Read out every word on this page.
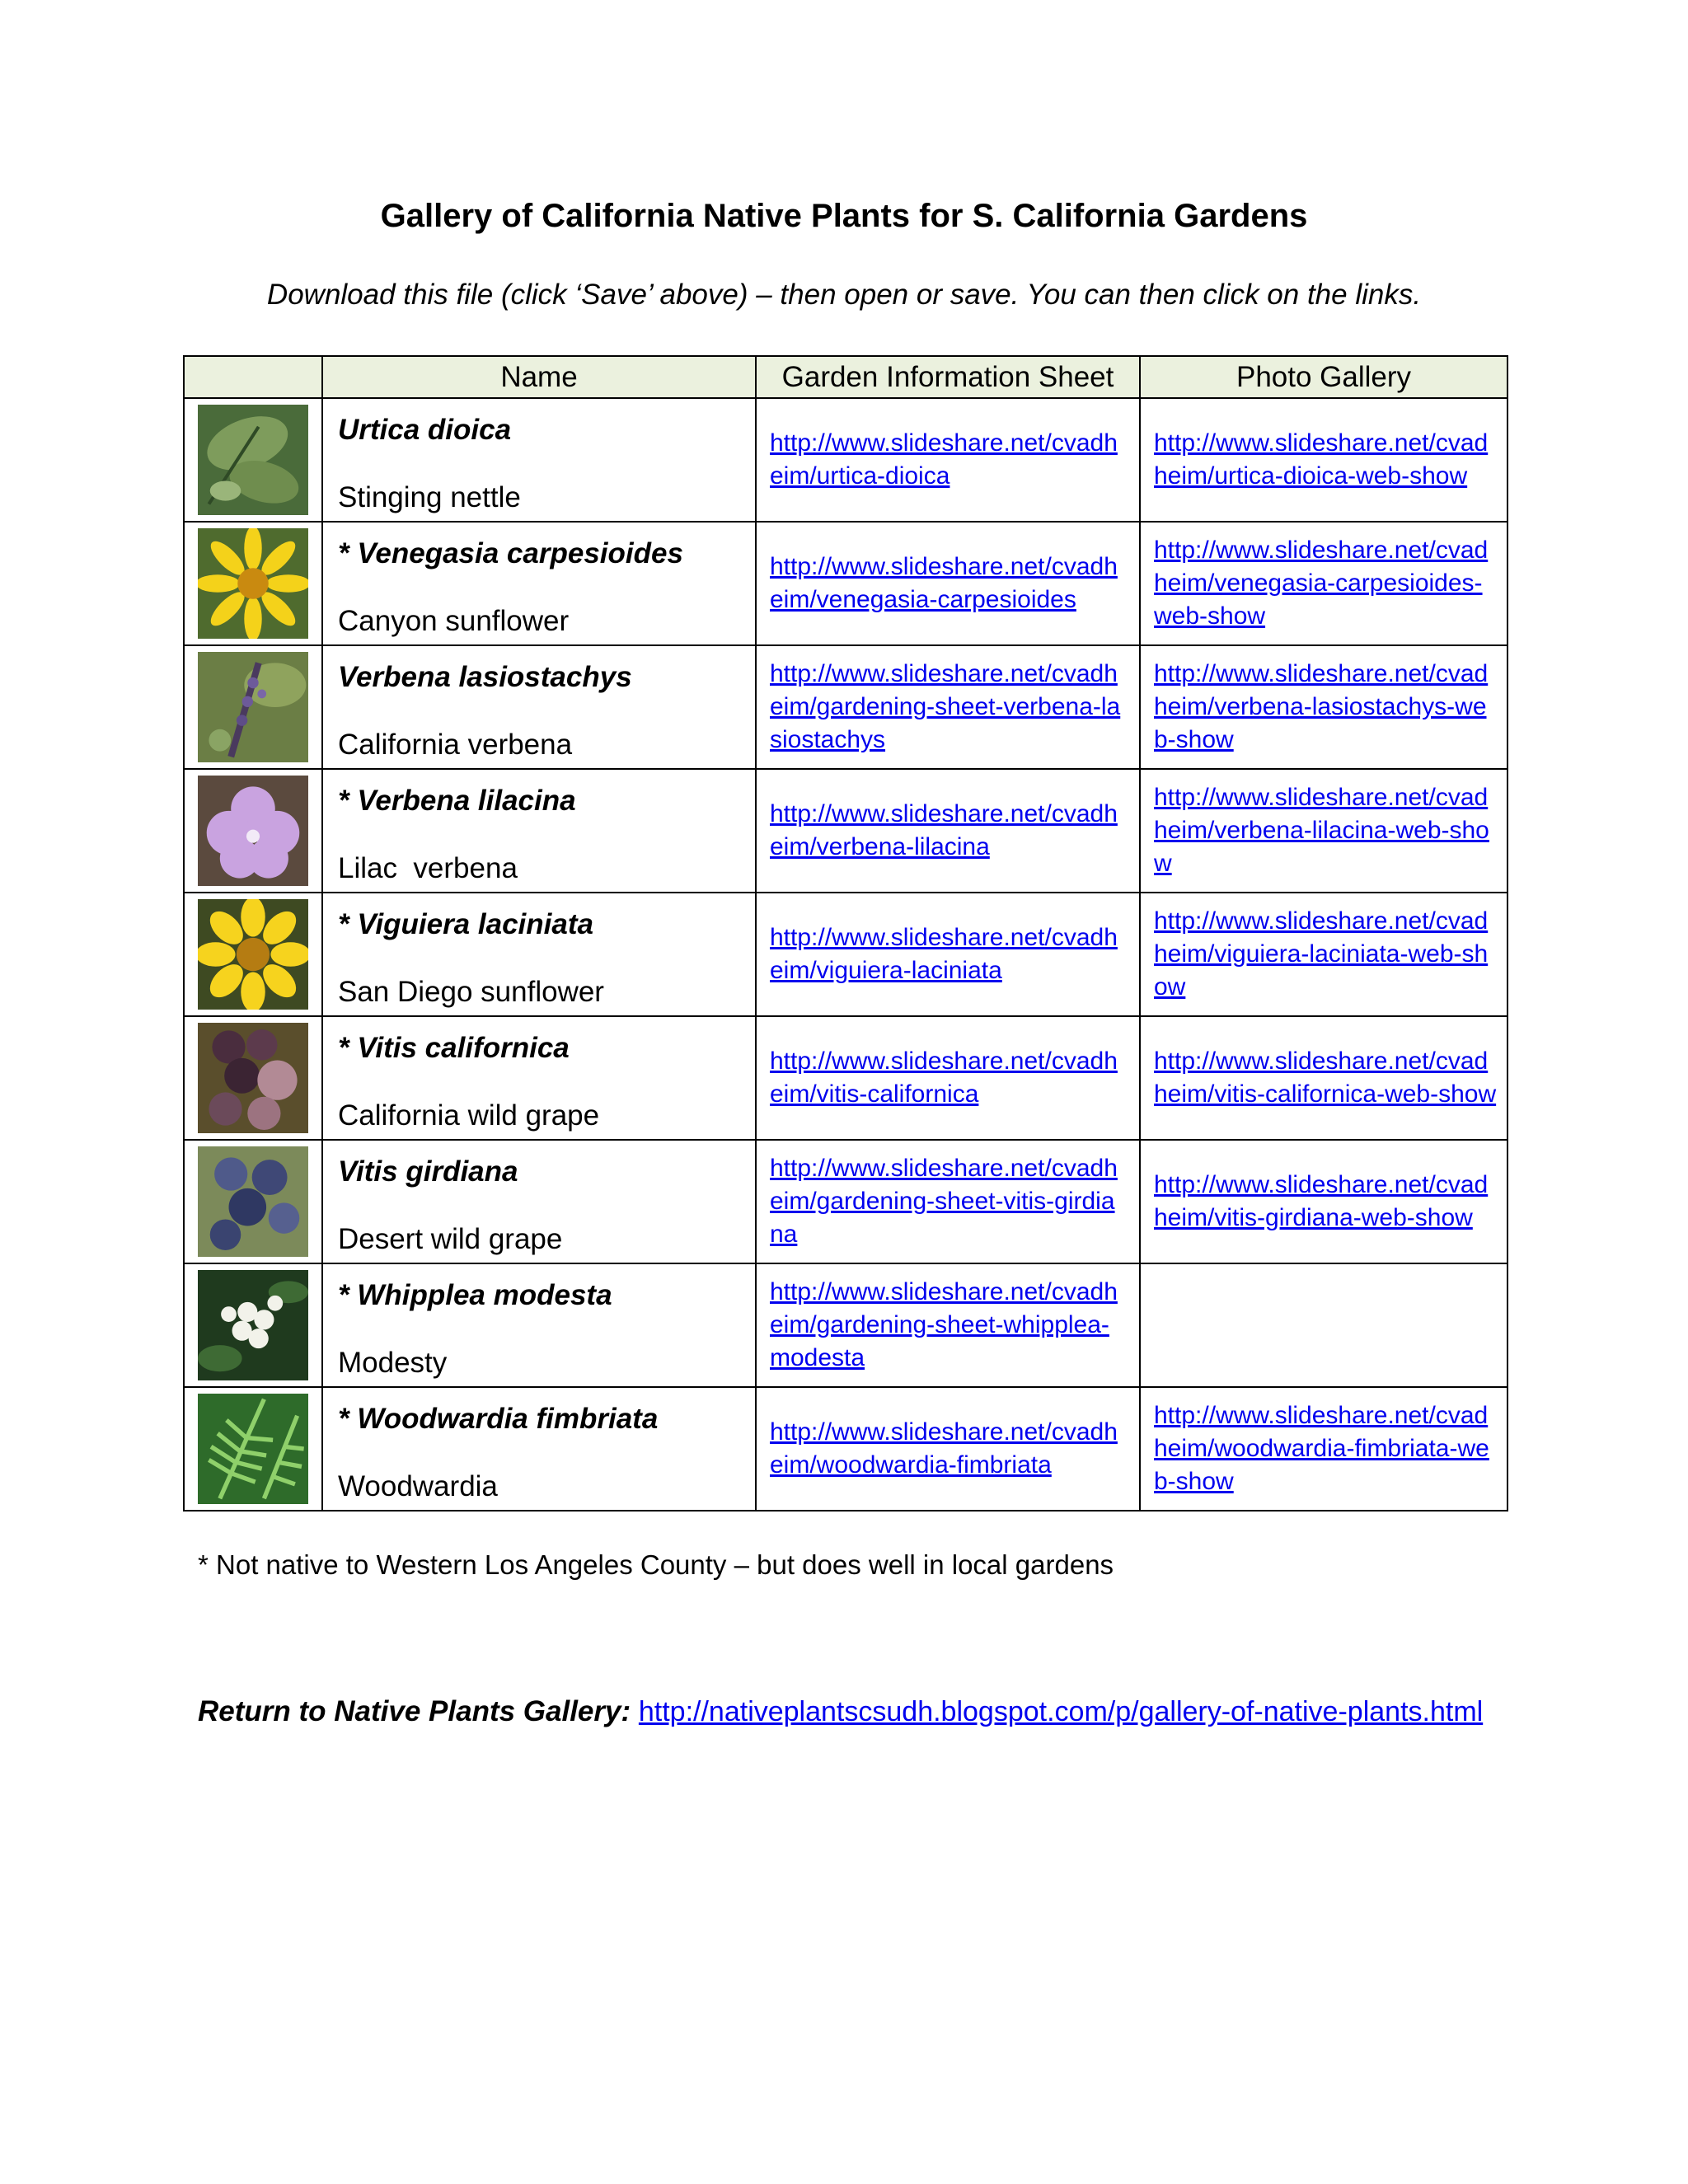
Gallery of California Native Plants for S. California Gardens

Download this file (click ‘Save’ above) – then open or save. You can then click on the links.

	Name	Garden Information Sheet	Photo Gallery

Urtica dioica
Stinging nettle	http://www.slideshare.net/cvadheim/urtica-dioica	http://www.slideshare.net/cvadheim/urtica-dioica-web-show

* Venegasia carpesioides
Canyon sunflower	http://www.slideshare.net/cvadheim/venegasia-carpesioides	http://www.slideshare.net/cvadheim/venegasia-carpesioides-web-show

Verbena lasiostachys
California verbena	http://www.slideshare.net/cvadheim/gardening-sheet-verbena-lasiostachys	http://www.slideshare.net/cvadheim/verbena-lasiostachys-web-show

* Verbena lilacina
Lilac  verbena	http://www.slideshare.net/cvadheim/verbena-lilacina	http://www.slideshare.net/cvadheim/verbena-lilacina-web-show

* Viguiera laciniata
San Diego sunflower	http://www.slideshare.net/cvadheim/viguiera-laciniata	http://www.slideshare.net/cvadheim/viguiera-laciniata-web-show

* Vitis californica
California wild grape	http://www.slideshare.net/cvadheim/vitis-californica	http://www.slideshare.net/cvadheim/vitis-californica-web-show

Vitis girdiana
Desert wild grape	http://www.slideshare.net/cvadheim/gardening-sheet-vitis-girdiana	http://www.slideshare.net/cvadheim/vitis-girdiana-web-show

* Whipplea modesta
Modesty	http://www.slideshare.net/cvadheim/gardening-sheet-whipplea-modesta	

* Woodwardia fimbriata
Woodwardia	http://www.slideshare.net/cvadheim/woodwardia-fimbriata	http://www.slideshare.net/cvadheim/woodwardia-fimbriata-web-show

* Not native to Western Los Angeles County – but does well in local gardens

Return to Native Plants Gallery: http://nativeplantscsudh.blogspot.com/p/gallery-of-native-plants.html
